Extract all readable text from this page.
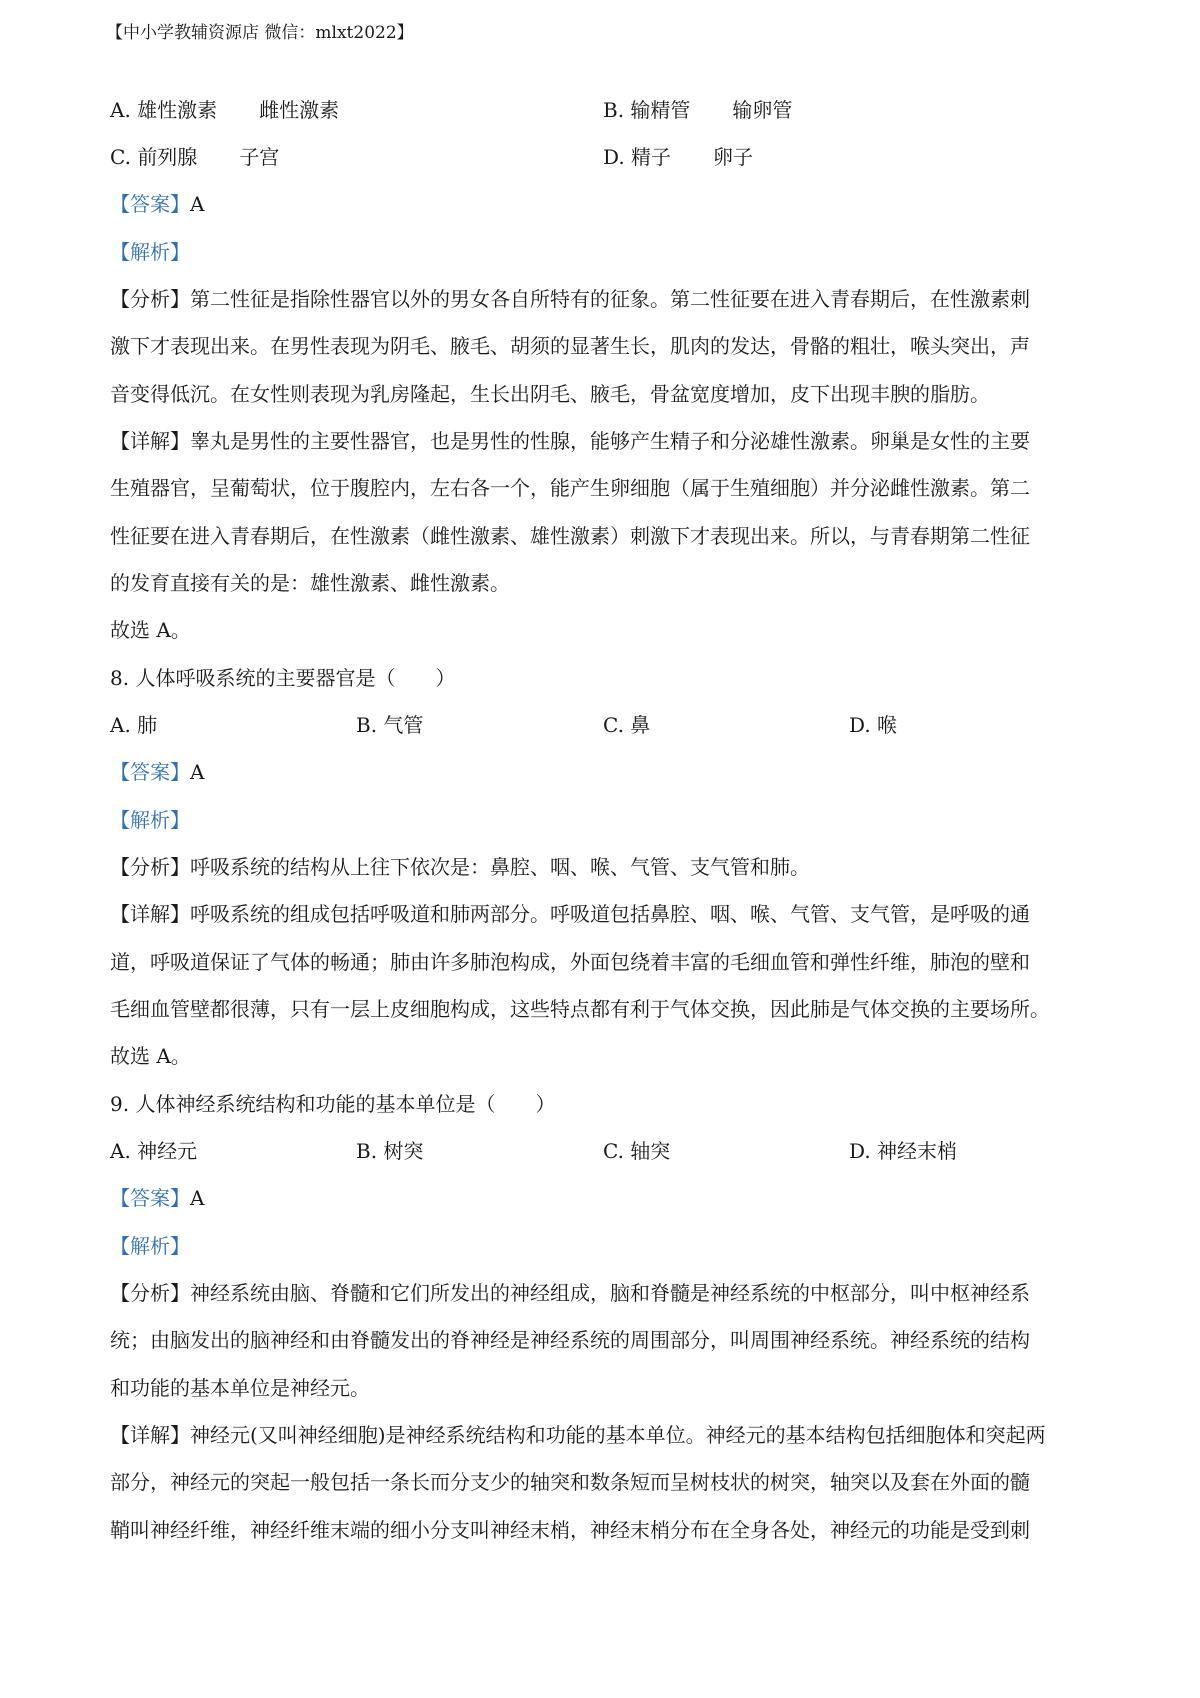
【中小学教辅资源店 微信：mlxt2022】
A. 雄性激素 雌性激素	B. 输精管 输卵管
C. 前列腺 子宫	D. 精子 卵子
【答案】A
【解析】
【分析】第二性征是指除性器官以外的男女各自所特有的征象。第二性征要在进入青春期后，在性激素刺
激下才表现出来。在男性表现为阴毛、腋毛、胡须的显著生长，肌肉的发达，骨骼的粗壮，喉头突出，声
音变得低沉。在女性则表现为乳房隆起，生长出阴毛、腋毛，骨盆宽度增加，皮下出现丰腴的脂肪。
【详解】睾丸是男性的主要性器官，也是男性的性腺，能够产生精子和分泌雄性激素。卵巢是女性的主要
生殖器官，呈葡萄状，位于腹腔内，左右各一个，能产生卵细胞（属于生殖细胞）并分泌雌性激素。第二
性征要在进入青春期后，在性激素（雌性激素、雄性激素）刺激下才表现出来。所以，与青春期第二性征
的发育直接有关的是：雄性激素、雌性激素。
故选 A。
8. 人体呼吸系统的主要器官是（　　）
A. 肺	B. 气管	C. 鼻	D. 喉
【答案】A
【解析】
【分析】呼吸系统的结构从上往下依次是：鼻腔、咽、喉、气管、支气管和肺。
【详解】呼吸系统的组成包括呼吸道和肺两部分。呼吸道包括鼻腔、咽、喉、气管、支气管，是呼吸的通
道，呼吸道保证了气体的畅通；肺由许多肺泡构成，外面包绕着丰富的毛细血管和弹性纤维，肺泡的壁和
毛细血管壁都很薄，只有一层上皮细胞构成，这些特点都有利于气体交换，因此肺是气体交换的主要场所。
故选 A。
9. 人体神经系统结构和功能的基本单位是（　　）
A. 神经元	B. 树突	C. 轴突	D. 神经末梢
【答案】A
【解析】
【分析】神经系统由脑、脊髓和它们所发出的神经组成，脑和脊髓是神经系统的中枢部分，叫中枢神经系
统；由脑发出的脑神经和由脊髓发出的脊神经是神经系统的周围部分，叫周围神经系统。神经系统的结构
和功能的基本单位是神经元。
【详解】神经元(又叫神经细胞)是神经系统结构和功能的基本单位。神经元的基本结构包括细胞体和突起两
部分，神经元的突起一般包括一条长而分支少的轴突和数条短而呈树枝状的树突，轴突以及套在外面的髓
鞘叫神经纤维，神经纤维末端的细小分支叫神经末梢，神经末梢分布在全身各处，神经元的功能是受到刺
